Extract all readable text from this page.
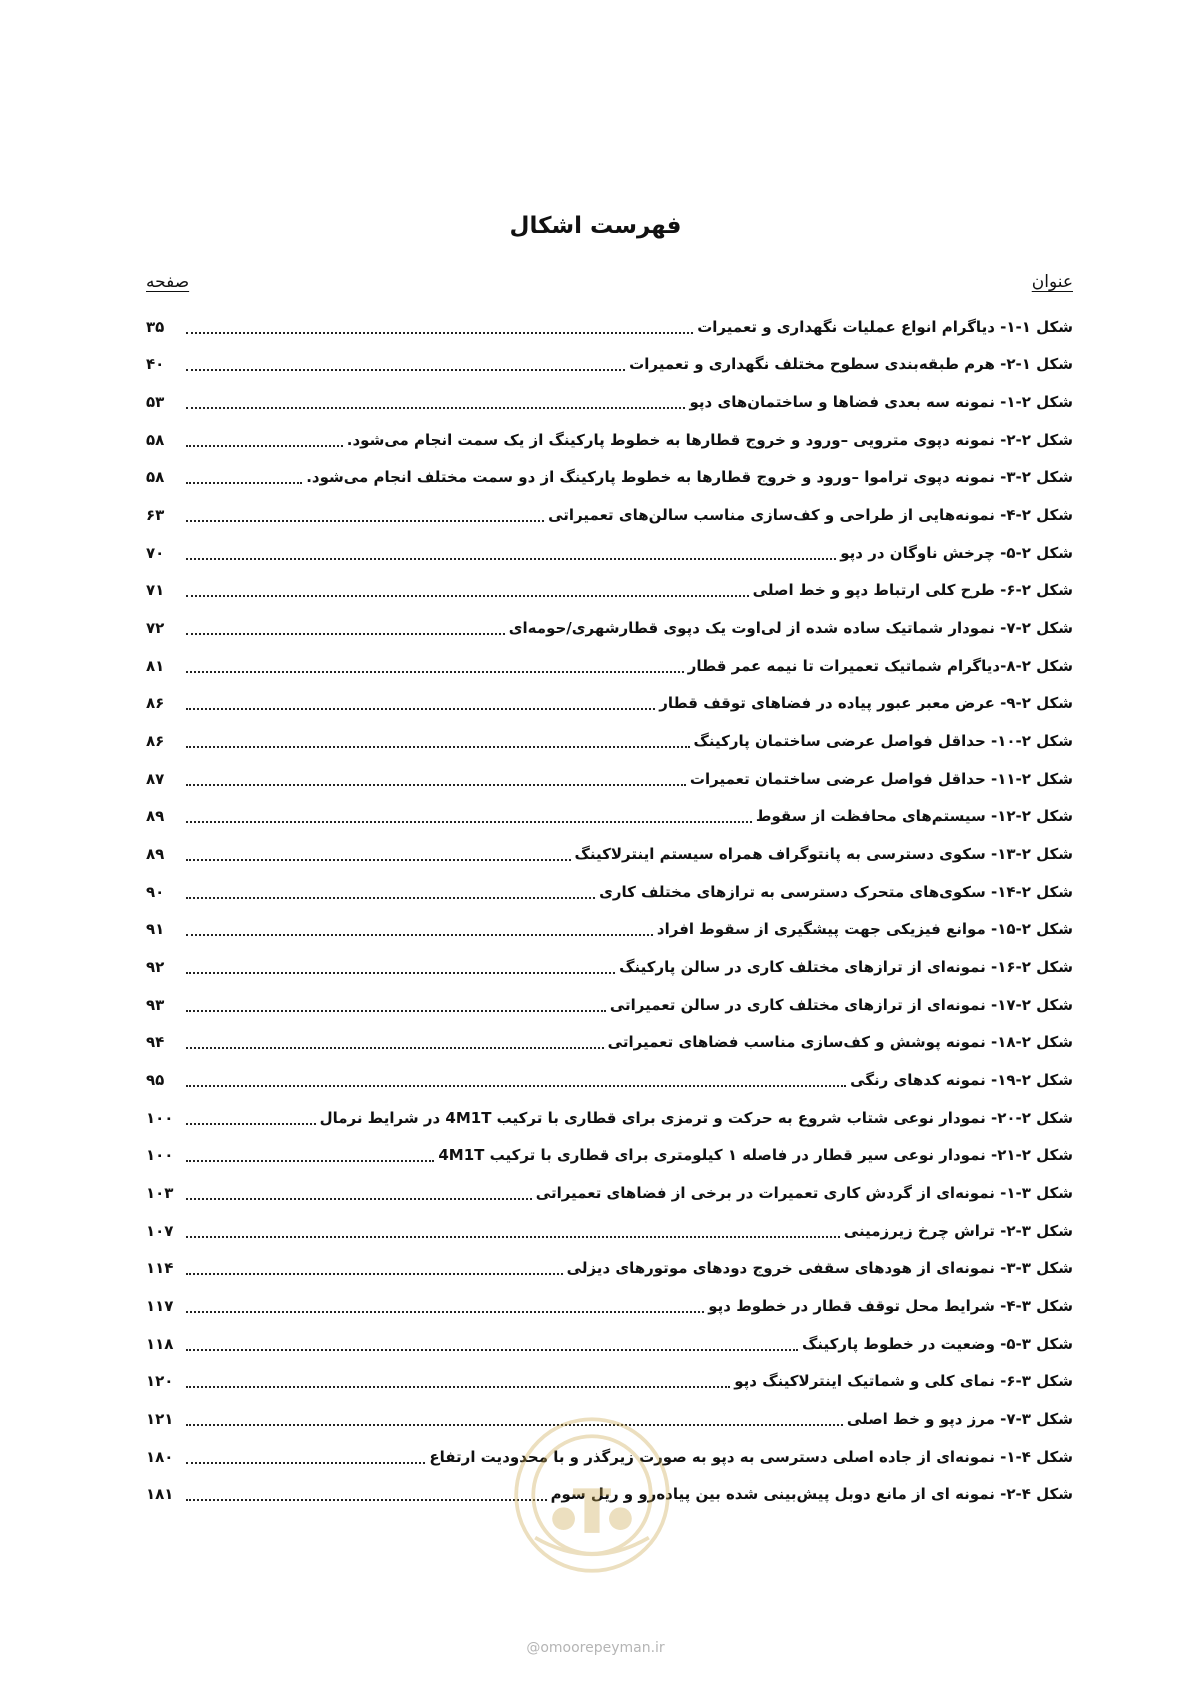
فهرست اشکال
عنوان
صفحه
شکل ۱-۱- دیاگرام انواع عملیات نگهداری و تعمیرات
۳۵
شکل ۱-۲- هرم طبقه‌بندی سطوح مختلف نگهداری و تعمیرات
۴۰
شکل ۲-۱- نمونه سه بعدی فضاها و ساختمان‌های دپو
۵۳
شکل ۲-۲- نمونه دپوی مترویی –ورود و خروج قطارها به خطوط پارکینگ از یک سمت انجام می‌شود.
۵۸
شکل ۲-۳- نمونه دپوی تراموا –ورود و خروج قطارها به خطوط پارکینگ از دو سمت مختلف انجام می‌شود.
۵۸
شکل ۲-۴- نمونه‌هایی از طراحی و کف‌سازی مناسب سالن‌های تعمیراتی
۶۳
شکل ۲-۵- چرخش ناوگان در دپو
۷۰
شکل ۲-۶- طرح کلی ارتباط دپو و خط اصلی
۷۱
شکل ۲-۷- نمودار شماتیک ساده شده از لی‌اوت یک دپوی قطارشهری/حومه‌ای
۷۲
شکل ۲-۸-دیاگرام شماتیک تعمیرات تا نیمه عمر قطار
۸۱
شکل ۲-۹- عرض معبر عبور پیاده در فضاهای توقف قطار
۸۶
شکل ۲-۱۰- حداقل فواصل عرضی ساختمان پارکینگ
۸۶
شکل ۲-۱۱- حداقل فواصل عرضی ساختمان تعمیرات
۸۷
شکل ۲-۱۲- سیستم‌های محافظت از سقوط
۸۹
شکل ۲-۱۳- سکوی دسترسی به پانتوگراف همراه سیستم اینترلاکینگ
۸۹
شکل ۲-۱۴- سکوی‌های متحرک دسترسی به ترازهای مختلف کاری
۹۰
شکل ۲-۱۵- موانع فیزیکی جهت پیشگیری از سقوط افراد
۹۱
شکل ۲-۱۶- نمونه‌ای از ترازهای مختلف کاری در سالن پارکینگ
۹۲
شکل ۲-۱۷- نمونه‌ای از ترازهای مختلف کاری در سالن تعمیراتی
۹۳
شکل ۲-۱۸- نمونه پوشش و کف‌سازی مناسب فضاهای تعمیراتی
۹۴
شکل ۲-۱۹- نمونه کدهای رنگی
۹۵
شکل ۲-۲۰- نمودار نوعی شتاب شروع به حرکت و ترمزی برای قطاری با ترکیب 4M1T در شرایط نرمال
۱۰۰
شکل ۲-۲۱- نمودار نوعی سیر قطار در فاصله ۱ کیلومتری برای قطاری با ترکیب 4M1T
۱۰۰
شکل ۳-۱- نمونه‌ای از گردش کاری تعمیرات در برخی از فضاهای تعمیراتی
۱۰۳
شکل ۳-۲- تراش چرخ زیرزمینی
۱۰۷
شکل ۳-۳- نمونه‌ای از هودهای سقفی خروج دودهای موتورهای دیزلی
۱۱۴
شکل ۳-۴- شرایط محل توقف قطار در خطوط دپو
۱۱۷
شکل ۳-۵- وضعیت در خطوط پارکینگ
۱۱۸
شکل ۳-۶- نمای کلی و شماتیک اینترلاکینگ دپو
۱۲۰
شکل ۳-۷- مرز دپو و خط اصلی
۱۲۱
شکل ۴-۱- نمونه‌ای از جاده اصلی دسترسی به دپو به صورت زیرگذر و با محدودیت ارتفاع
۱۸۰
شکل ۴-۲- نمونه ای از مانع دوبل پیش‌بینی شده بین پیاده‌رو و ریل سوم
۱۸۱
@omoorepeyman.ir
